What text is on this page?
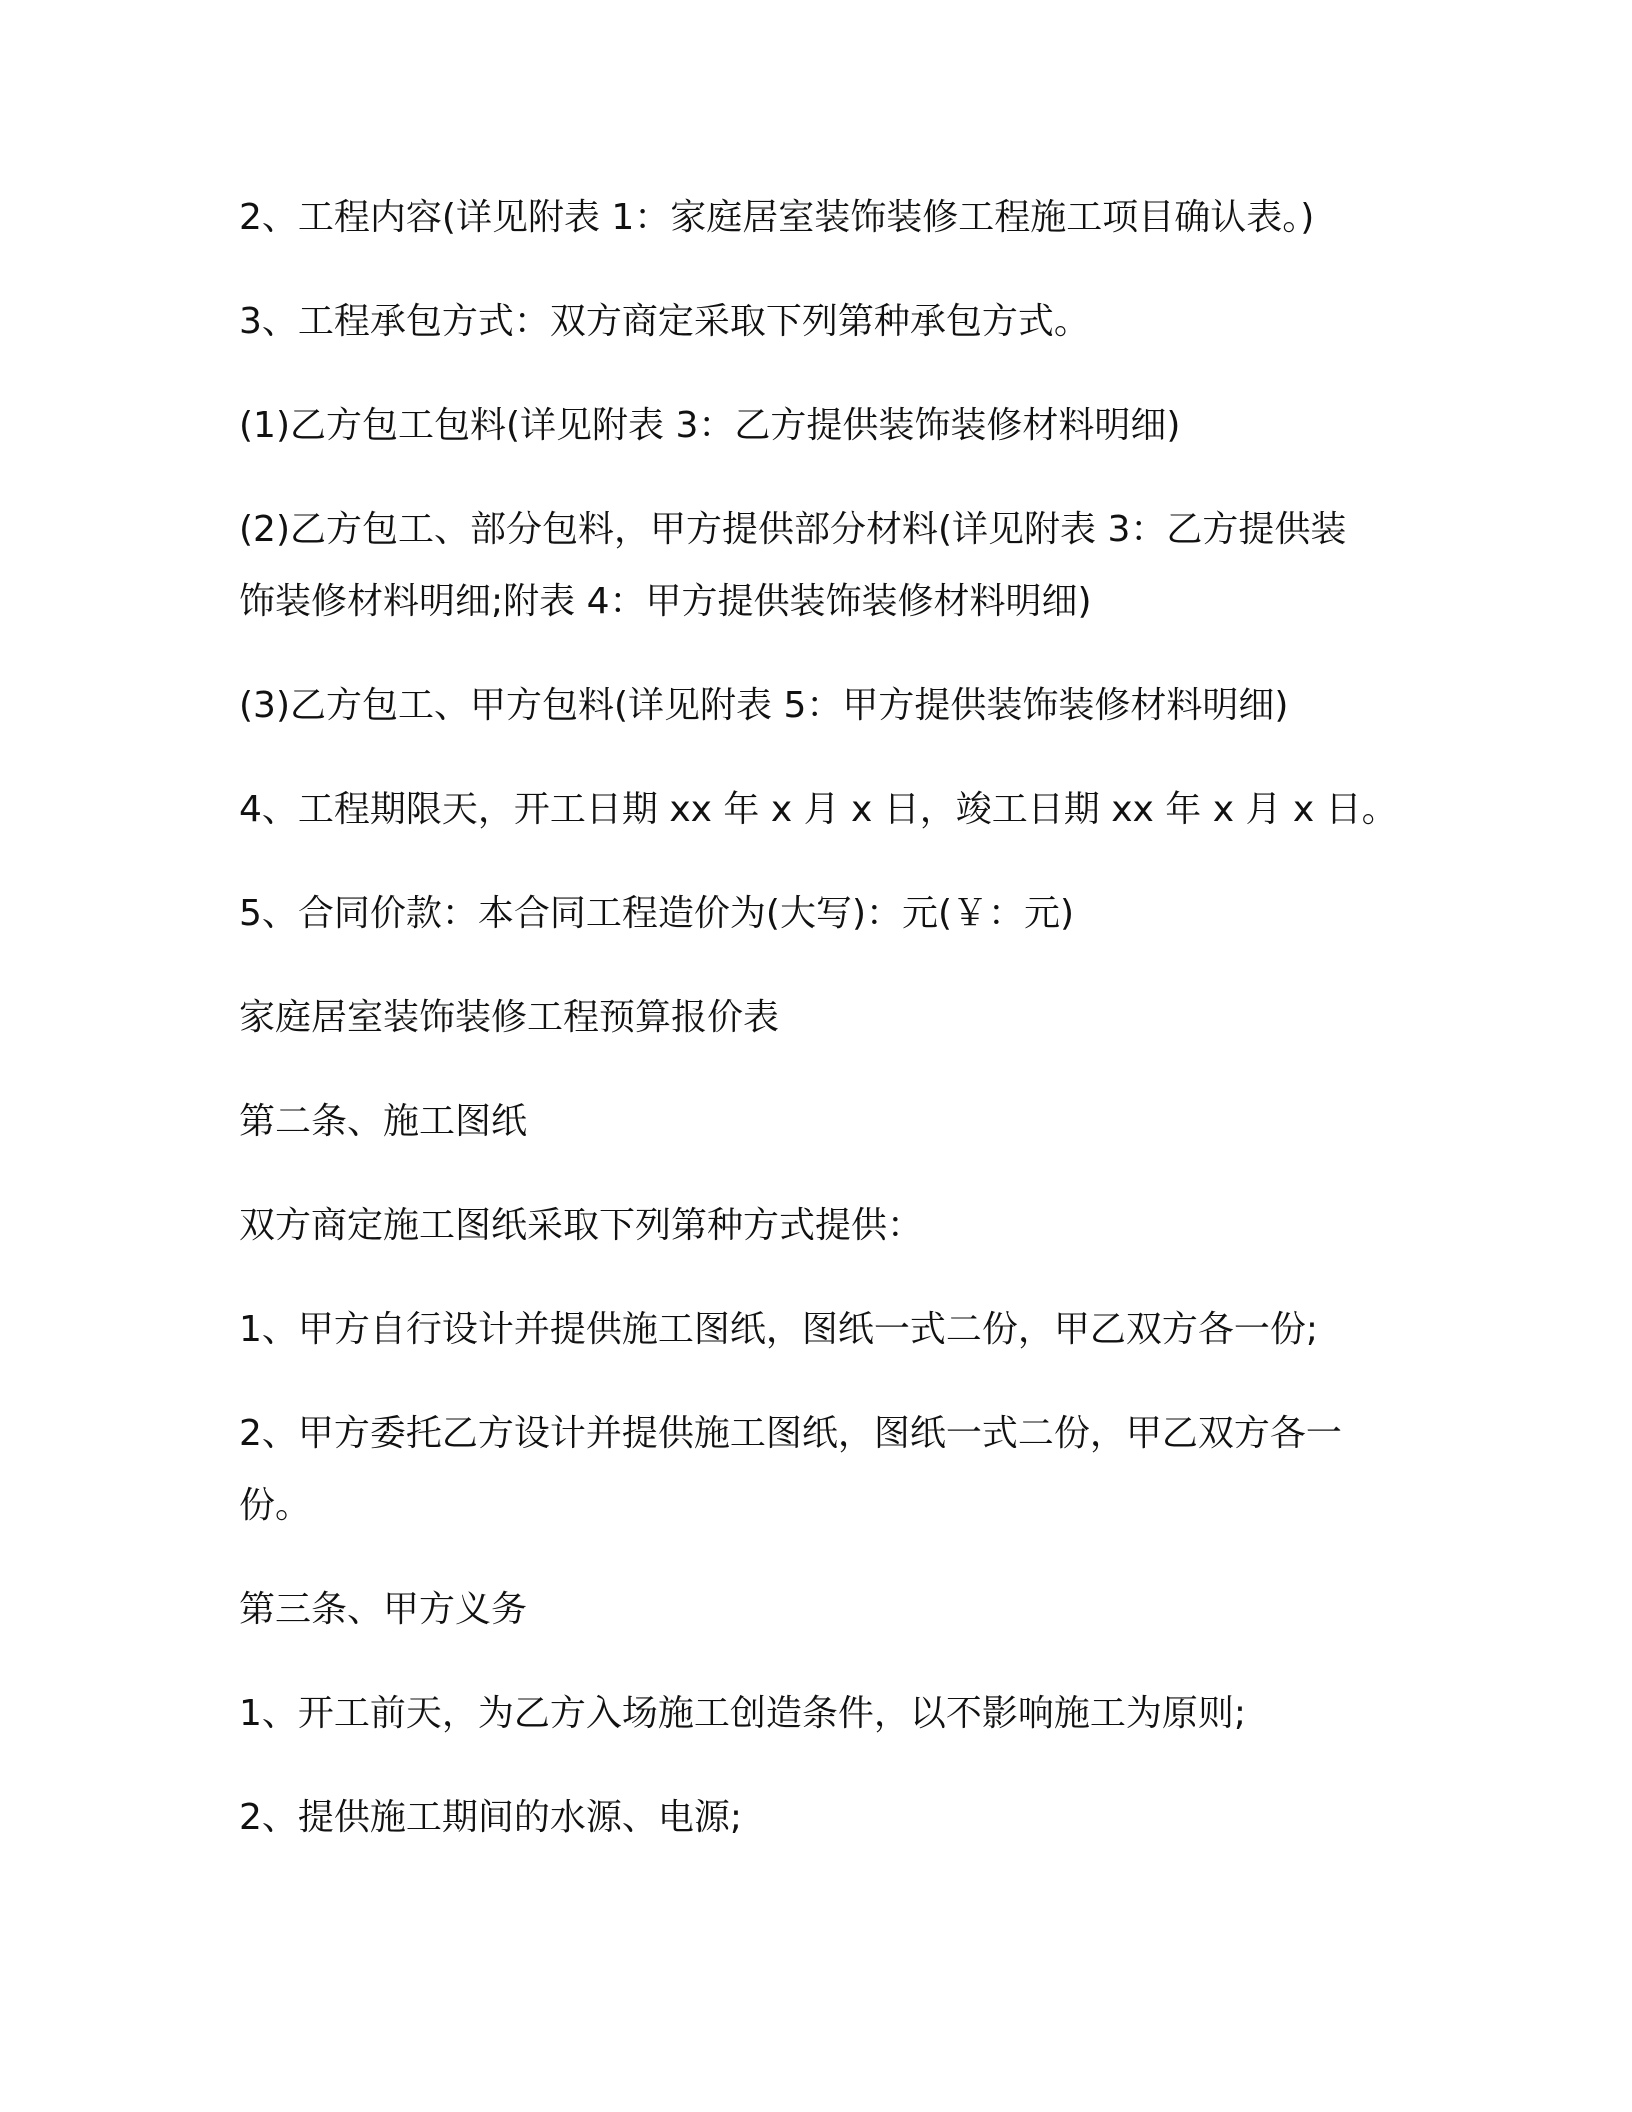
2、工程内容(详见附表 1：家庭居室装饰装修工程施工项目确认表。)

3、工程承包方式：双方商定采取下列第种承包方式。

(1)乙方包工包料(详见附表 3：乙方提供装饰装修材料明细)

(2)乙方包工、部分包料，甲方提供部分材料(详见附表 3：乙方提供装

饰装修材料明细;附表 4：甲方提供装饰装修材料明细)

(3)乙方包工、甲方包料(详见附表 5：甲方提供装饰装修材料明细)

4、工程期限天，开工日期 xx 年 x 月 x 日，竣工日期 xx 年 x 月 x 日。

5、合同价款：本合同工程造价为(大写)：元(￥：元)

家庭居室装饰装修工程预算报价表

第二条、施工图纸

双方商定施工图纸采取下列第种方式提供：

1、甲方自行设计并提供施工图纸，图纸一式二份，甲乙双方各一份;

2、甲方委托乙方设计并提供施工图纸，图纸一式二份，甲乙双方各一

份。

第三条、甲方义务

1、开工前天，为乙方入场施工创造条件，以不影响施工为原则;

2、提供施工期间的水源、电源;
